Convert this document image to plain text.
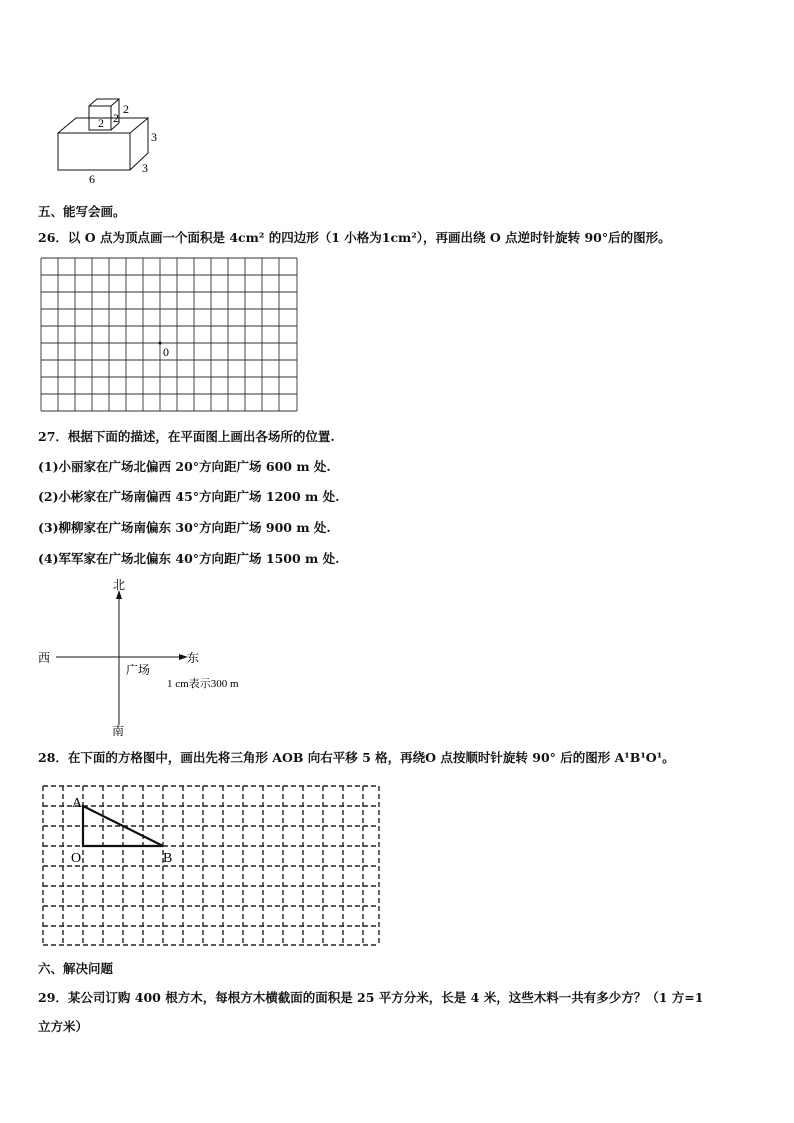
2
2
2
3
3
6
五、能写会画。
26．以 O 点为顶点画一个面积是 4cm² 的四边形（1 小格为1cm²），再画出绕 O 点逆时针旋转 90°后的图形。
0
27．根据下面的描述，在平面图上画出各场所的位置.
(1)小丽家在广场北偏西 20°方向距广场 600 m 处.
(2)小彬家在广场南偏西 45°方向距广场 1200 m 处.
(3)柳柳家在广场南偏东 30°方向距广场 900 m 处.
(4)军军家在广场北偏东 40°方向距广场 1500 m 处.
北
南
西	东
广场
1 cm表示300 m
28．在下面的方格图中，画出先将三角形 AOB 向右平移 5 格，再绕O 点按顺时针旋转 90° 后的图形 A¹B¹O¹。
A
O	B
六、解决问题
29．某公司订购 400 根方木，每根方木横截面的面积是 25 平方分米，长是 4 米，这些木料一共有多少方？（1 方=1
立方米）
